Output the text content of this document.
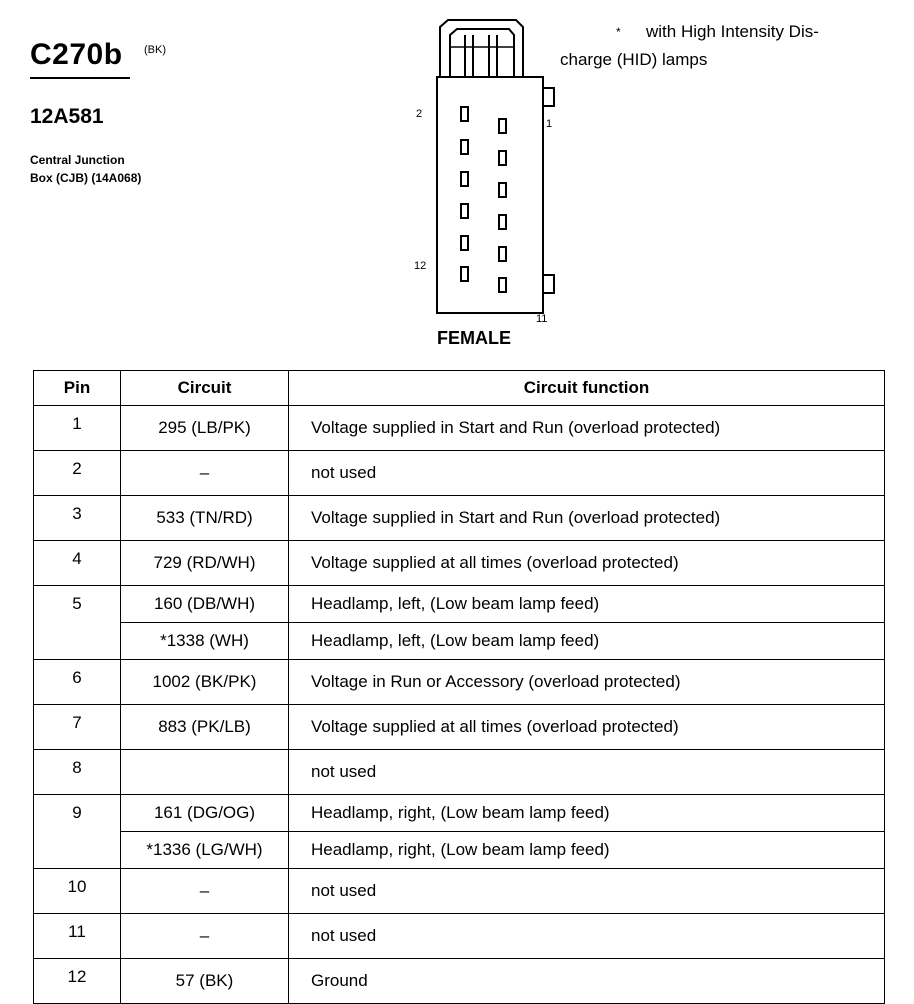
C270b (BK)
12A581
Central Junction
Box (CJB) (14A068)
* with High Intensity Dis-
charge (HID) lamps
2
1
12
11
FEMALE
Pin	Circuit	Circuit function
1	295 (LB/PK)	Voltage supplied in Start and Run (overload protected)
2	–	not used
3	533 (TN/RD)	Voltage supplied in Start and Run (overload protected)
4	729 (RD/WH)	Voltage supplied at all times (overload protected)
5	160 (DB/WH)	Headlamp, left, (Low beam lamp feed)
	*1338 (WH)	Headlamp, left, (Low beam lamp feed)
6	1002 (BK/PK)	Voltage in Run or Accessory (overload protected)
7	883 (PK/LB)	Voltage supplied at all times (overload protected)
8		not used
9	161 (DG/OG)	Headlamp, right, (Low beam lamp feed)
	*1336 (LG/WH)	Headlamp, right, (Low beam lamp feed)
10	–	not used
11	–	not used
12	57 (BK)	Ground
